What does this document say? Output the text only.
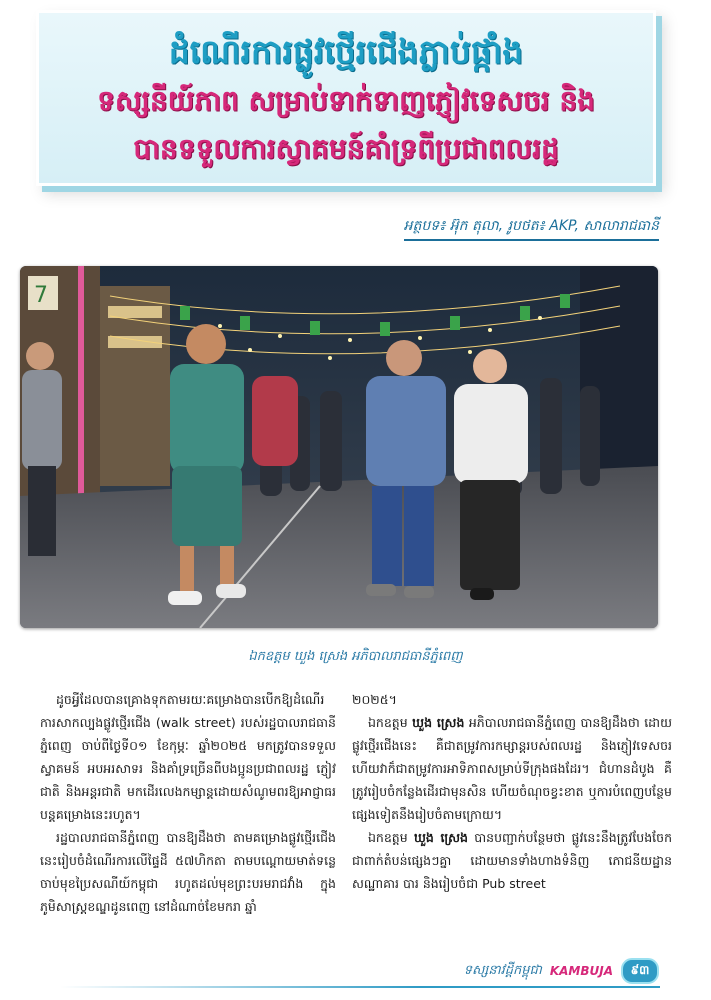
ដំណើរការផ្លូវថ្មើរជើងភ្លាប់ផ្កាំង
ទស្សនីយ៍ភាព សម្រាប់ទាក់ទាញភ្ញៀវទេសចរ និង
បានទទួលការស្វាគមន៍គាំទ្រពីប្រជាពលរដ្ឋ
អត្ថបទ៖ អ៊ុក តុលា, រូបថត៖ AKP, សាលារាជធានី
7
ឯកឧត្តម ឃួង ស្រេង អភិបាលរាជធានីភ្នំពេញ

ដូចអ្វីដែលបានគ្រោងទុកតាមរយៈគម្រោងបានបើកឱ្យដំណើរការសាកល្បងផ្លូវថ្មើរជើង (walk street) របស់រដ្ឋបាលរាជធានីភ្នំពេញ ចាប់ពីថ្ងៃទី០១ ខែកុម្ភៈ ឆ្នាំ២០២៥ មកត្រូវបានទទួលស្វាគមន៍ អបអរសាទរ និងគាំទ្រច្រើនពីបងប្អូនប្រជាពលរដ្ឋ ភ្ញៀវជាតិ និងអន្តរជាតិ មកដើរលេងកម្សាន្តដោយសំណូមពរឱ្យអាជ្ញាធរបន្តគម្រោងនេះរហូត។

រដ្ឋបាលរាជធានីភ្នំពេញ បានឱ្យដឹងថា តាមគម្រោងផ្លូវថ្មើរជើងនេះរៀបចំដំណើរការលើផ្ទៃដី ៥៧ហិកតា តាមបណ្ដោយមាត់ទន្លេ ចាប់មុខប្រៃសណីយ៍កម្ពុជា រហូតដល់មុខព្រះបរមរាជវាំង ក្នុងភូមិសាស្ត្រខណ្ឌដូនពេញ នៅដំណាច់ខែមករា ឆ្នាំ

២០២៥។

ឯកឧត្តម ឃួង ស្រេង អភិបាលរាជធានីភ្នំពេញ បានឱ្យដឹងថា ដោយផ្លូវថ្មើរជើងនេះ គឺជាតម្រូវការកម្សាន្តរបស់ពលរដ្ឋ និងភ្ញៀវទេសចរ ហើយវាក៏ជាតម្រូវការអាទិភាពសម្រាប់ទីក្រុងផងដែរ។ ជំហានដំបូង គឺត្រូវរៀបចំកន្លែងដើរជាមុនសិន ហើយចំណុចខ្វះខាត ឬការបំពេញបន្ថែមផ្សេងទៀតនឹងរៀបចំតាមក្រោយ។

ឯកឧត្តម ឃួង ស្រេង បានបញ្ជាក់បន្ថែមថា ផ្លូវនេះនឹងត្រូវបែងចែកជាពាក់តំបន់ផ្សេងៗគ្នា ដោយមានទាំងហាងទំនិញ ភោជនីយដ្ឋាន សណ្ឋាគារ បារ និងរៀបចំជា Pub street

ទស្សនាវដ្ដីកម្ពុជា KAMBUJA	៩៣
